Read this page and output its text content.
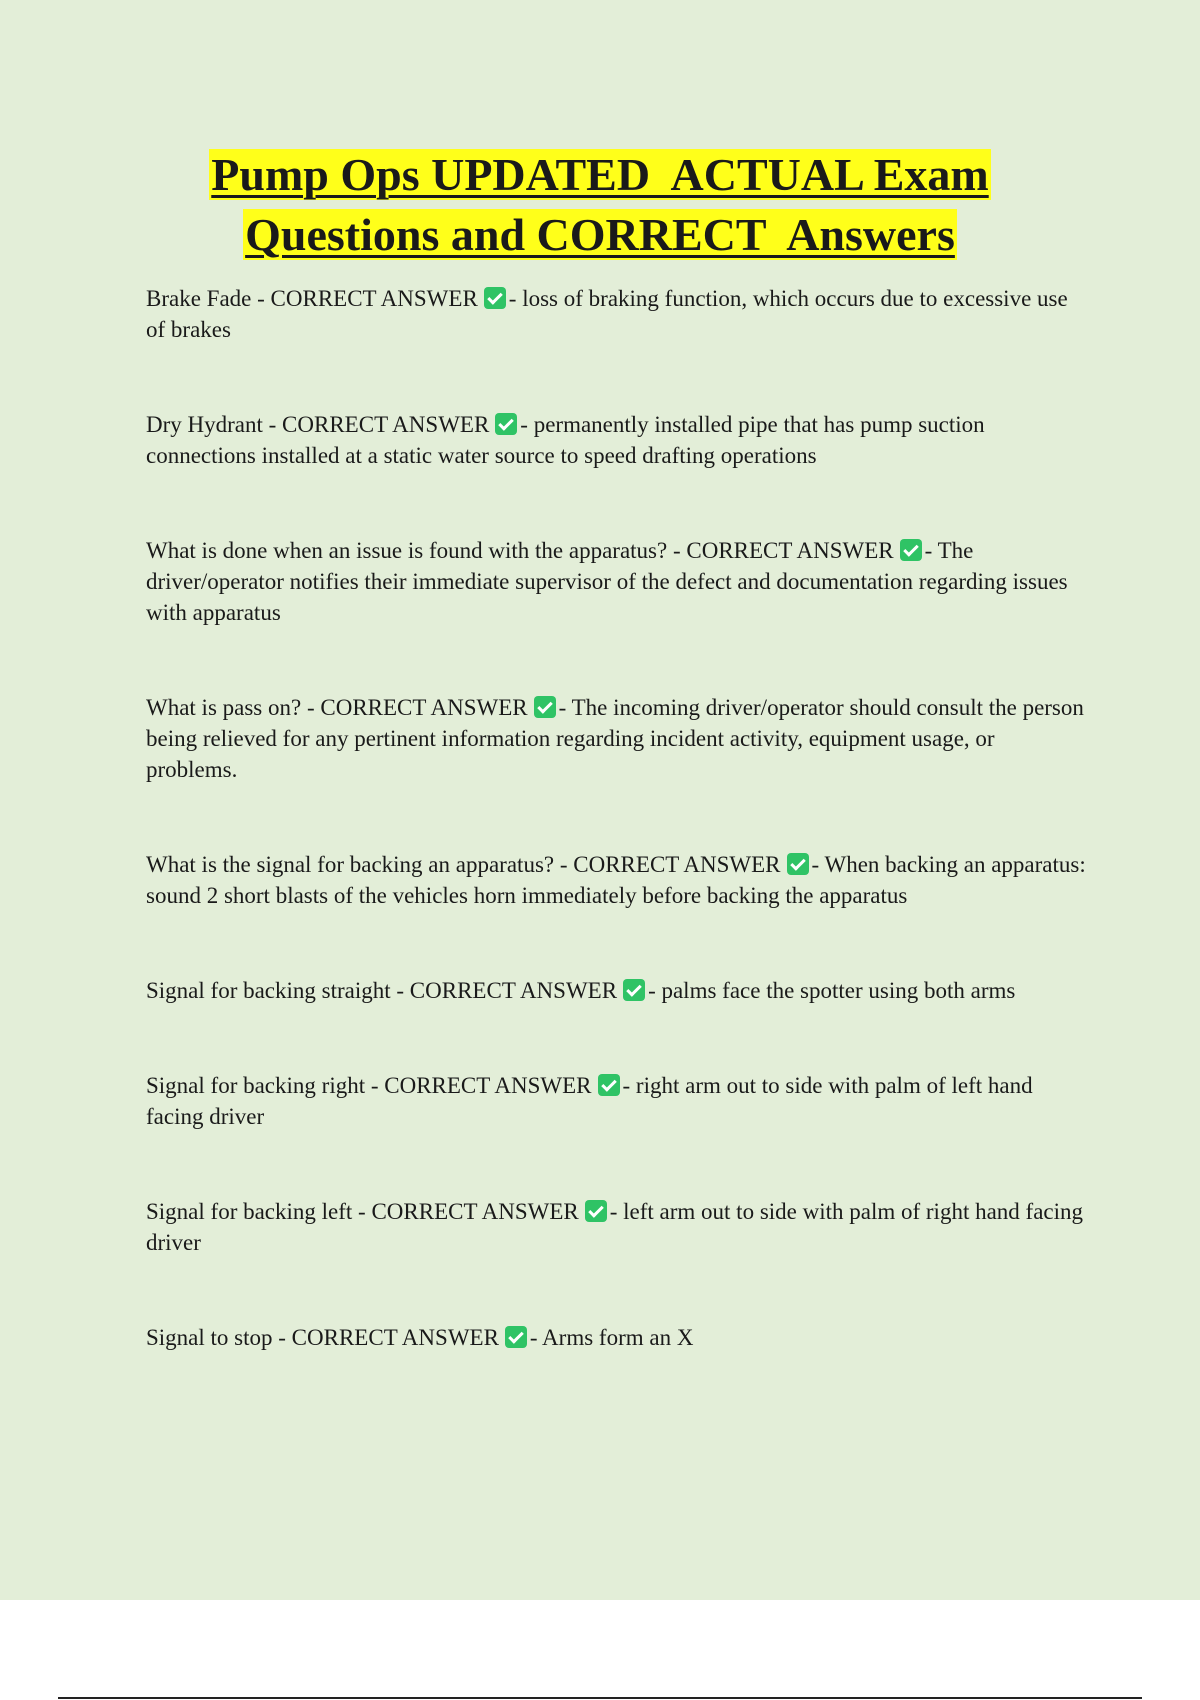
Pump Ops UPDATED  ACTUAL Exam
Questions and CORRECT  Answers

Brake Fade - CORRECT ANSWER - loss of braking function, which occurs due to excessive use of brakes

Dry Hydrant - CORRECT ANSWER - permanently installed pipe that has pump suction connections installed at a static water source to speed drafting operations

What is done when an issue is found with the apparatus? - CORRECT ANSWER - The driver/operator notifies their immediate supervisor of the defect and documentation regarding issues with apparatus

What is pass on? - CORRECT ANSWER - The incoming driver/operator should consult the person being relieved for any pertinent information regarding incident activity, equipment usage, or problems.

What is the signal for backing an apparatus? - CORRECT ANSWER - When backing an apparatus: sound 2 short blasts of the vehicles horn immediately before backing the apparatus

Signal for backing straight - CORRECT ANSWER - palms face the spotter using both arms

Signal for backing right - CORRECT ANSWER - right arm out to side with palm of left hand facing driver

Signal for backing left - CORRECT ANSWER - left arm out to side with palm of right hand facing driver

Signal to stop - CORRECT ANSWER - Arms form an X
